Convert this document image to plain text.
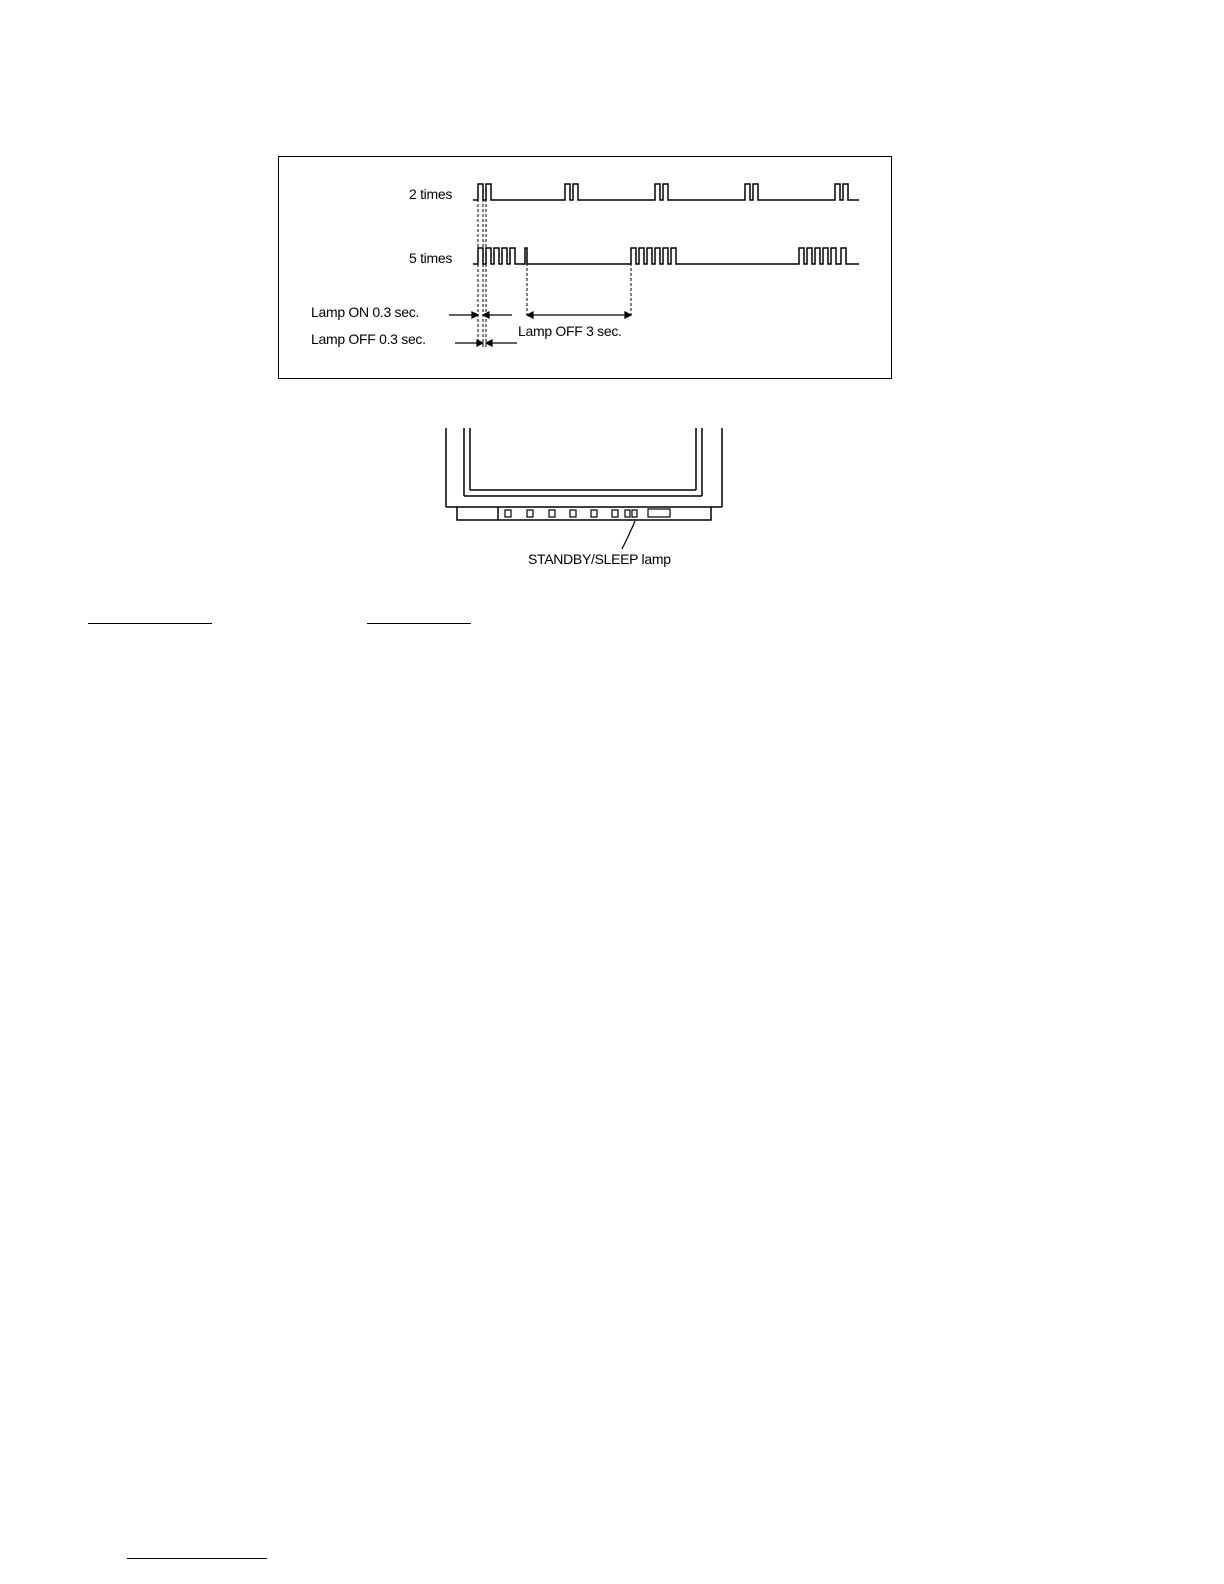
2 times
5 times
Lamp ON 0.3 sec.
Lamp OFF 0.3 sec.	Lamp OFF 3 sec.
STANDBY/SLEEP lamp
